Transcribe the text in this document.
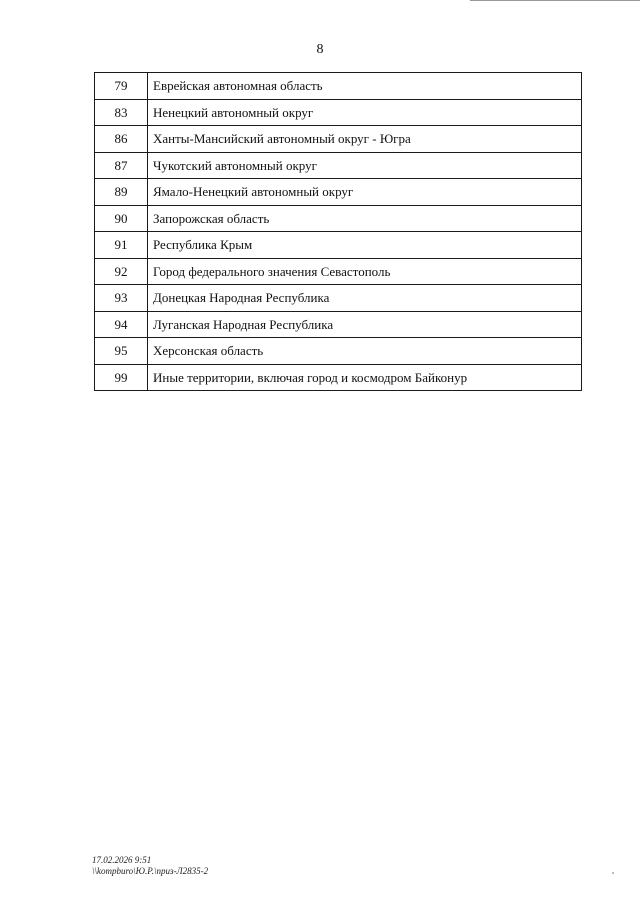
8
79	Еврейская автономная область
83	Ненецкий автономный округ
86	Ханты-Мансийский автономный округ - Югра
87	Чукотский автономный округ
89	Ямало-Ненецкий автономный округ
90	Запорожская область
91	Республика Крым
92	Город федерального значения Севастополь
93	Донецкая Народная Республика
94	Луганская Народная Республика
95	Херсонская область
99	Иные территории, включая город и космодром Байконур
17.02.2026 9:51
\\kompburo\Ю.Р.\приз-Л2835-2
